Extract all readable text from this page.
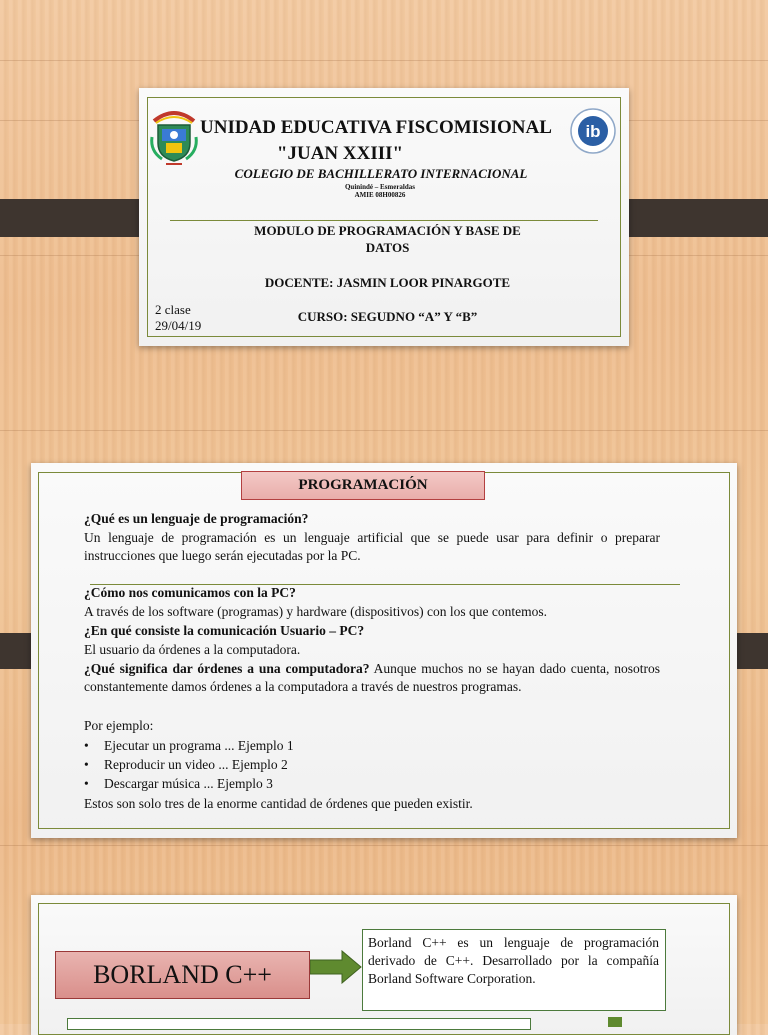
ib
UNIDAD EDUCATIVA FISCOMISIONAL
"JUAN XXIII"
COLEGIO DE BACHILLERATO INTERNACIONAL
Quinindé – Esmeraldas
AMIE 08H00826
MODULO DE PROGRAMACIÓN Y BASE DE
DATOS
DOCENTE: JASMIN LOOR PINARGOTE
CURSO: SEGUDNO “A” Y “B”
2 clase
29/04/19
PROGRAMACIÓN
¿Qué es un lenguaje de programación?
Un lenguaje de programación es un lenguaje artificial que se puede usar para definir o preparar instrucciones que luego serán ejecutadas por la PC.
¿Cómo nos comunicamos con la PC?
A través de los software (programas) y hardware (dispositivos) con los que contemos.
¿En qué consiste la comunicación Usuario – PC?
El usuario da órdenes a la computadora.
¿Qué significa dar órdenes a una computadora? Aunque muchos no se hayan dado cuenta, nosotros constantemente damos órdenes a la computadora a través de nuestros programas.
Por ejemplo:
• Ejecutar un programa ... Ejemplo 1
• Reproducir un video ... Ejemplo 2
• Descargar música ... Ejemplo 3
Estos son solo tres de la enorme cantidad de órdenes que pueden existir.
BORLAND C++
Borland C++ es un lenguaje de programación derivado de C++. Desarrollado por la compañía Borland Software Corporation.
